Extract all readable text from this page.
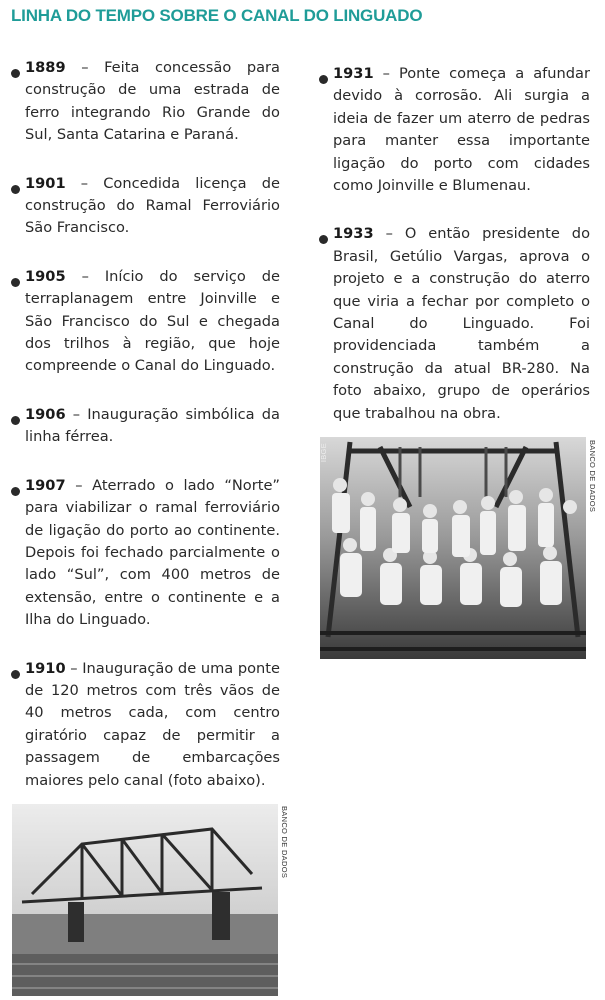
LINHA DO TEMPO SOBRE O CANAL DO LINGUADO
1889 – Feita concessão para construção de uma estrada de ferro integrando Rio Grande do Sul, Santa Catarina e Paraná.
1901 – Concedida licença de construção do Ramal Ferroviário São Francisco.
1905 – Início do serviço de terraplanagem entre Joinville e São Francisco do Sul e chegada dos trilhos à região, que hoje compreende o Canal do Linguado.
1906 – Inauguração simbólica da linha férrea.
1907 – Aterrado o lado “Norte” para viabilizar o ramal ferroviário de ligação do porto ao continente. Depois foi fechado parcialmente o lado “Sul”, com 400 metros de extensão, entre o continente e a Ilha do Linguado.
1910 – Inauguração de uma ponte de 120 metros com três vãos de 40 metros cada, com centro giratório capaz de permitir a passagem de embarcações maiores pelo canal (foto abaixo).
1931 – Ponte começa a afundar devido à corrosão. Ali surgia a ideia de fazer um aterro de pedras para manter essa importante ligação do porto com cidades como Joinville e Blumenau.
1933 – O então presidente do Brasil, Getúlio Vargas, aprova o projeto e a construção do aterro que viria a fechar por completo o Canal do Linguado. Foi providenciada também a construção da atual BR-280. Na foto abaixo, grupo de operários que trabalhou na obra.
IBGE	BANCO DE DADOS
BANCO DE DADOS
